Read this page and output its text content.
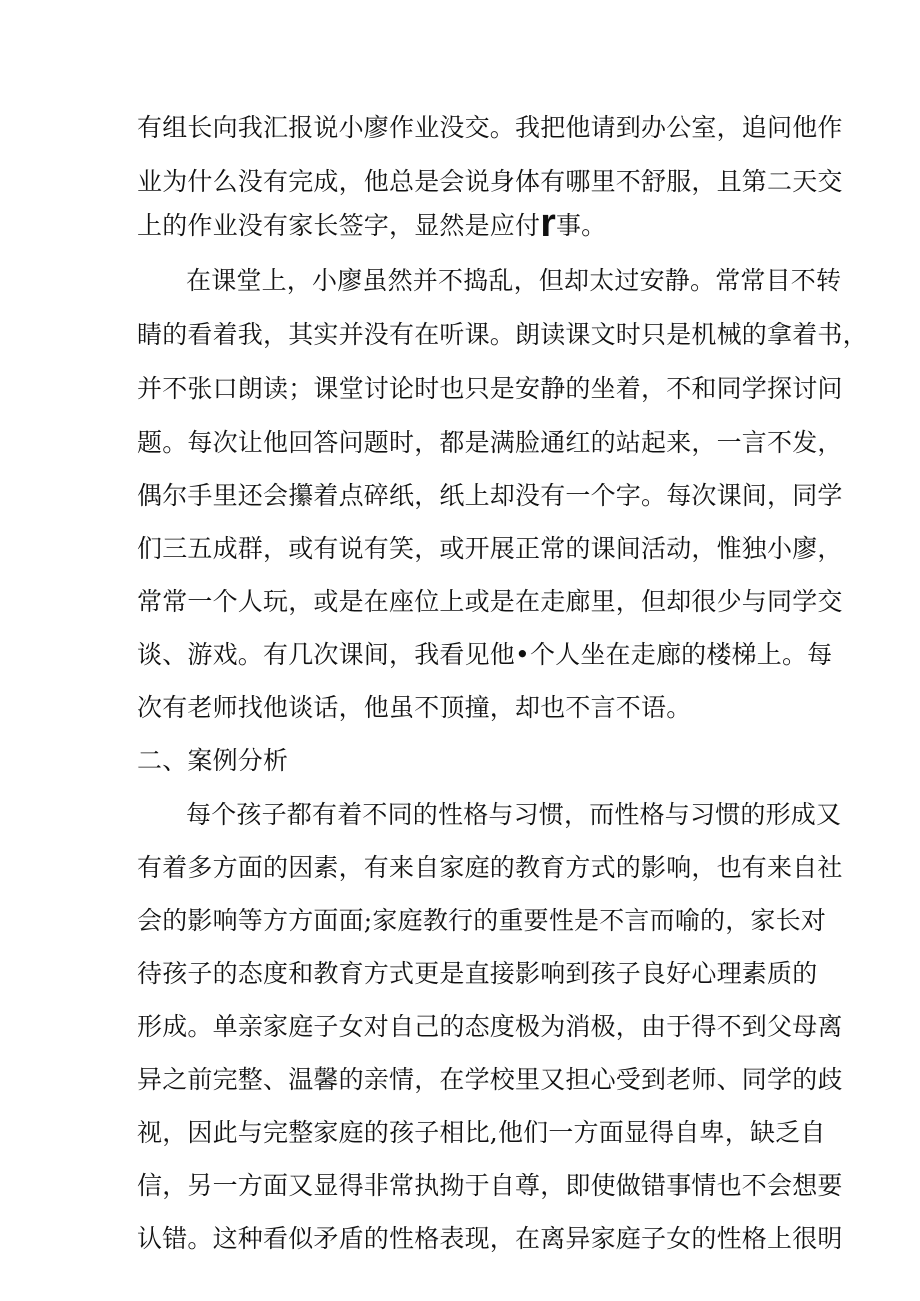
有组长向我汇报说小廖作业没交。我把他请到办公室，追问他作
业为什么没有完成，他总是会说身体有哪里不舒服，且第二天交
上的作业没有家长签字，显然是应付r事。
在课堂上，小廖虽然并不捣乱，但却太过安静。常常目不转
睛的看着我，其实并没有在听课。朗读课文时只是机械的拿着书，
并不张口朗读；课堂讨论时也只是安静的坐着，不和同学探讨问
题。每次让他回答问题时，都是满脸通红的站起来，一言不发，
偶尔手里还会攥着点碎纸，纸上却没有一个字。每次课间，同学
们三五成群，或有说有笑，或开展正常的课间活动，惟独小廖，
常常一个人玩，或是在座位上或是在走廊里，但却很少与同学交
谈、游戏。有几次课间，我看见他•个人坐在走廊的楼梯上。每
次有老师找他谈话，他虽不顶撞，却也不言不语。
二、案例分析
每个孩子都有着不同的性格与习惯，而性格与习惯的形成又
有着多方面的因素，有来自家庭的教育方式的影响，也有来自社
会的影响等方方面面;家庭教行的重要性是不言而喻的，家长对
待孩子的态度和教育方式更是直接影响到孩子良好心理素质的
形成。单亲家庭子女对自己的态度极为消极，由于得不到父母离
异之前完整、温馨的亲情，在学校里又担心受到老师、同学的歧
视，因此与完整家庭的孩子相比,他们一方面显得自卑，缺乏自
信，另一方面又显得非常执拗于自尊，即使做错事情也不会想要
认错。这种看似矛盾的性格表现，在离异家庭子女的性格上很明
